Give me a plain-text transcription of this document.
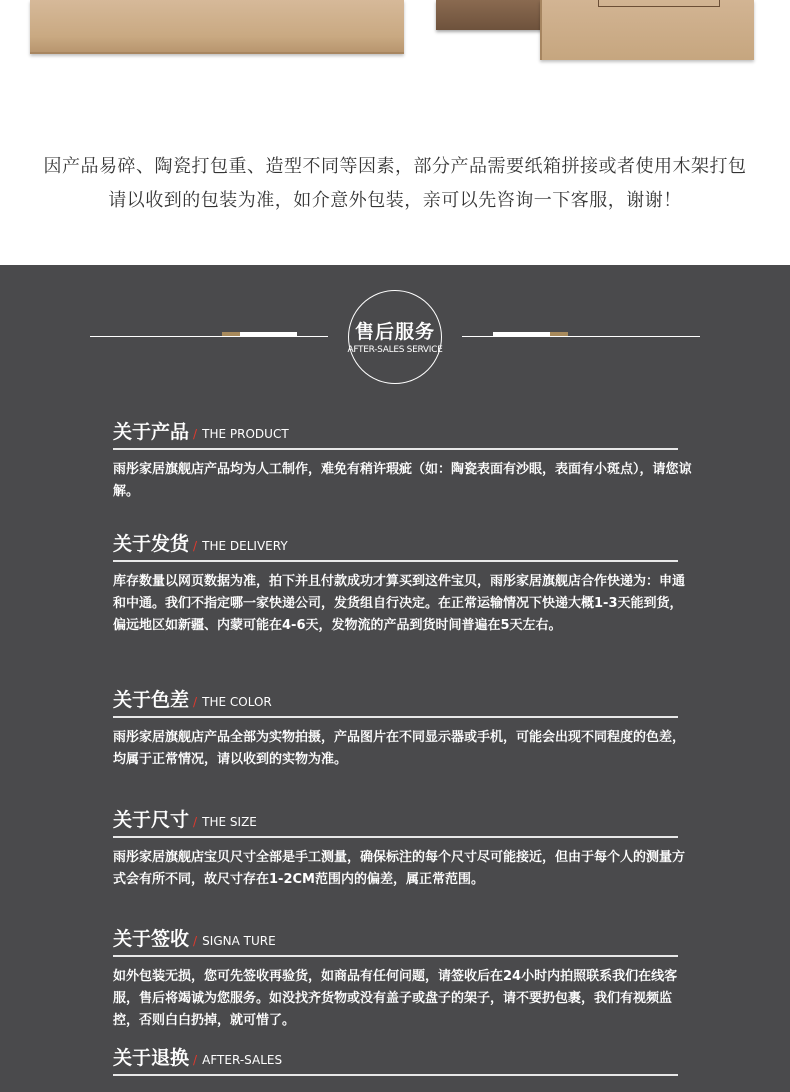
因产品易碎、陶瓷打包重、造型不同等因素，部分产品需要纸箱拼接或者使用木架打包
请以收到的包装为准，如介意外包装，亲可以先咨询一下客服，谢谢！
售后服务
AFTER-SALES SERVICE
关于产品 / THE PRODUCT
雨彤家居旗舰店产品均为人工制作，难免有稍许瑕疵（如：陶瓷表面有沙眼，表面有小斑点），请您谅解。
关于发货 / THE DELIVERY
库存数量以网页数据为准，拍下并且付款成功才算买到这件宝贝，雨彤家居旗舰店合作快递为：申通和中通。我们不指定哪一家快递公司，发货组自行决定。在正常运输情况下快递大概1-3天能到货，偏远地区如新疆、内蒙可能在4-6天，发物流的产品到货时间普遍在5天左右。
关于色差 / THE COLOR
雨彤家居旗舰店产品全部为实物拍摄，产品图片在不同显示器或手机，可能会出现不同程度的色差，均属于正常情况，请以收到的实物为准。
关于尺寸 / THE SIZE
雨彤家居旗舰店宝贝尺寸全部是手工测量，确保标注的每个尺寸尽可能接近，但由于每个人的测量方式会有所不同，故尺寸存在1-2CM范围内的偏差，属正常范围。
关于签收 / SIGNA TURE
如外包装无损，您可先签收再验货，如商品有任何问题，请签收后在24小时内拍照联系我们在线客服，售后将竭诚为您服务。如没找齐货物或没有盖子或盘子的架子，请不要扔包裹，我们有视频监控，否则白白扔掉，就可惜了。
关于退换 / AFTER-SALES
